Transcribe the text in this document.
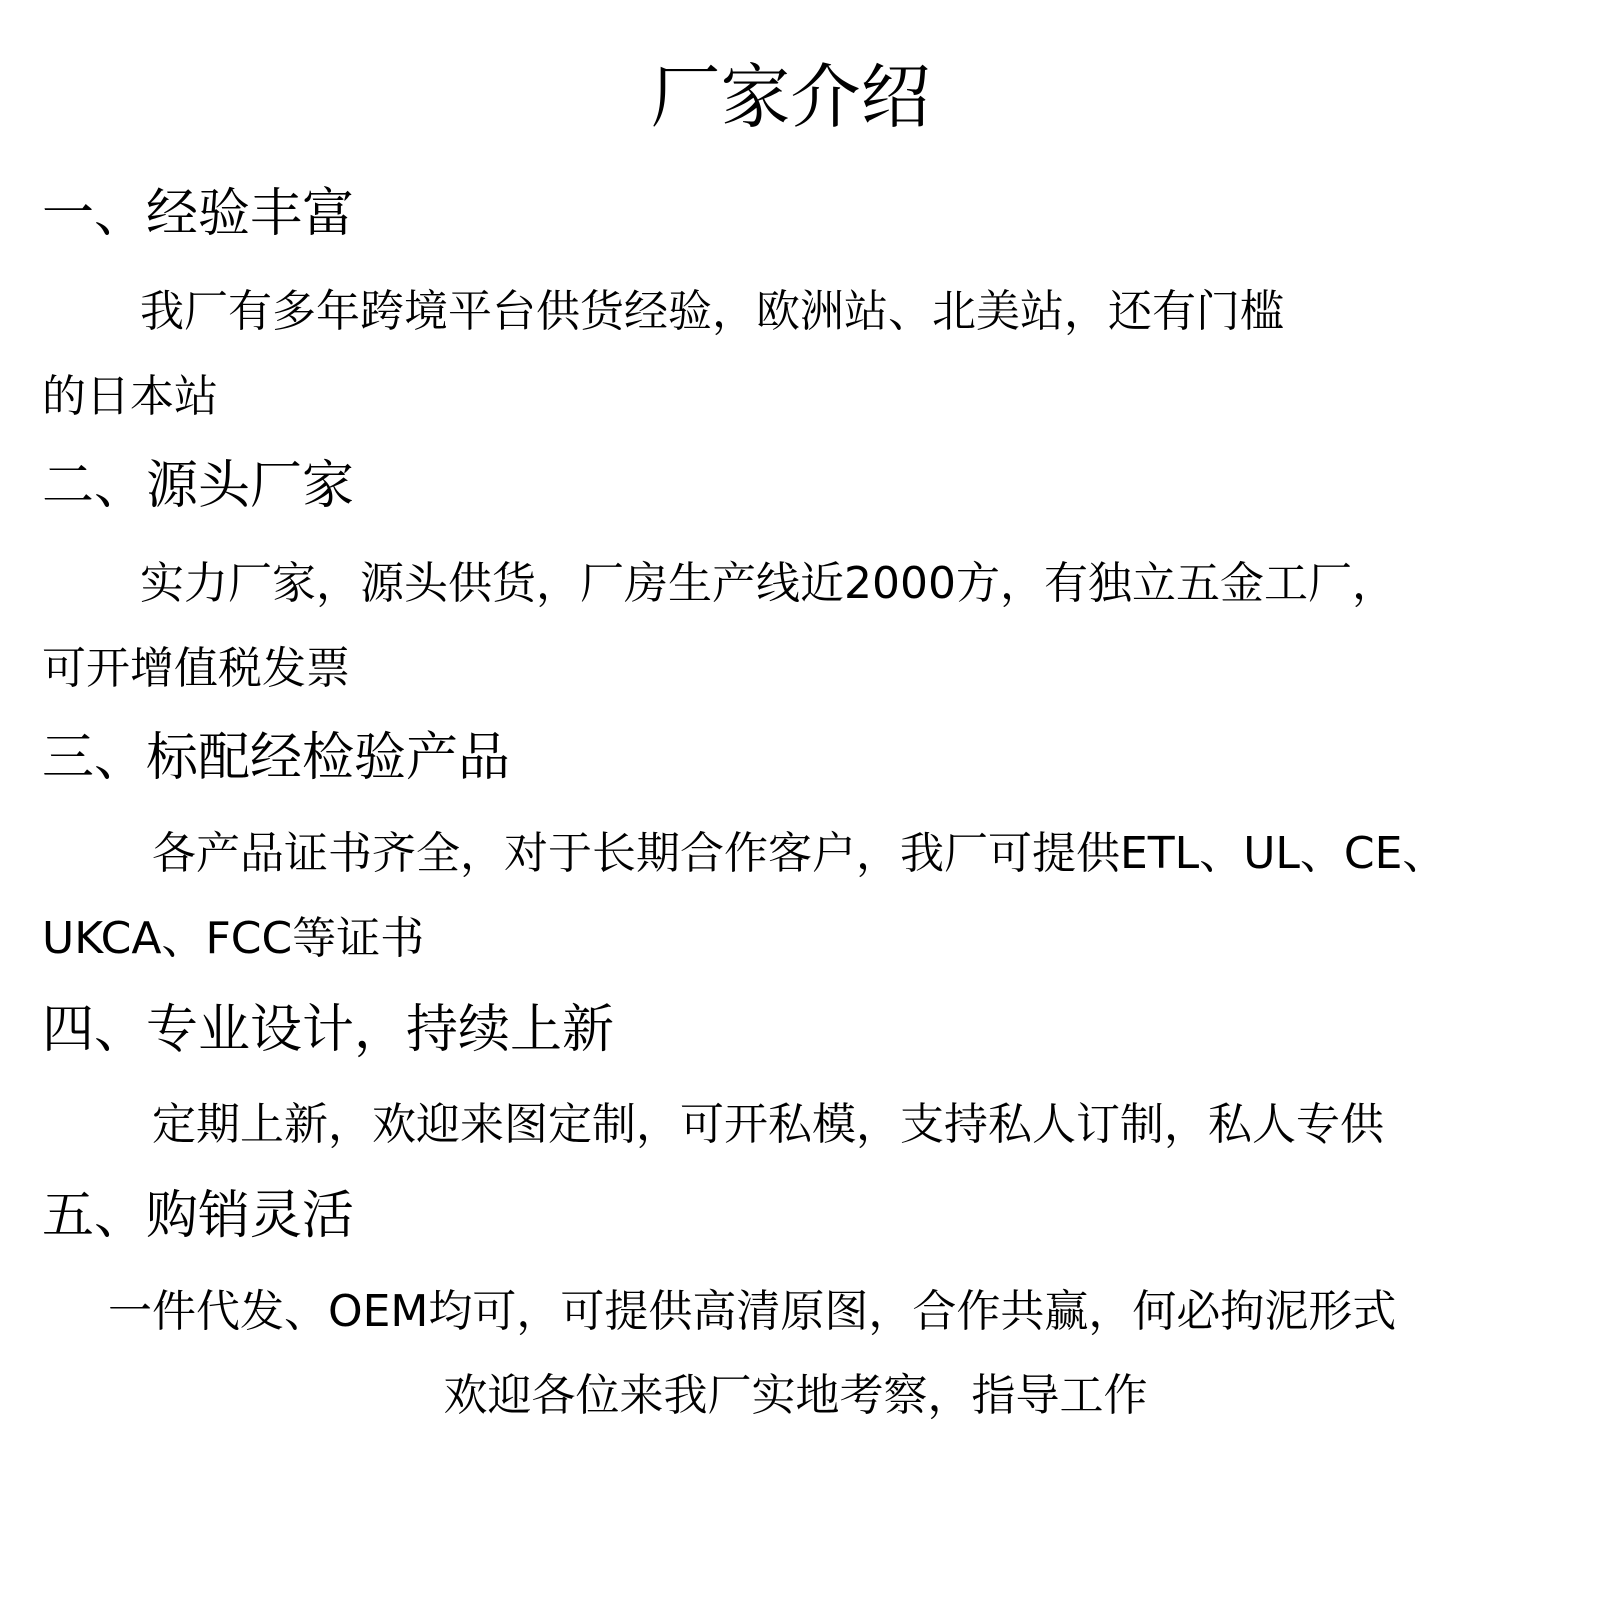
厂家介绍
一、经验丰富
我厂有多年跨境平台供货经验，欧洲站、北美站，还有门槛
的日本站
二、源头厂家
实力厂家，源头供货，厂房生产线近2000方，有独立五金工厂，
可开增值税发票
三、标配经检验产品
各产品证书齐全，对于长期合作客户，我厂可提供ETL、UL、CE、
UKCA、FCC等证书
四、专业设计，持续上新
定期上新，欢迎来图定制，可开私模，支持私人订制，私人专供
五、购销灵活
一件代发、OEM均可，可提供高清原图，合作共赢，何必拘泥形式
欢迎各位来我厂实地考察，指导工作
